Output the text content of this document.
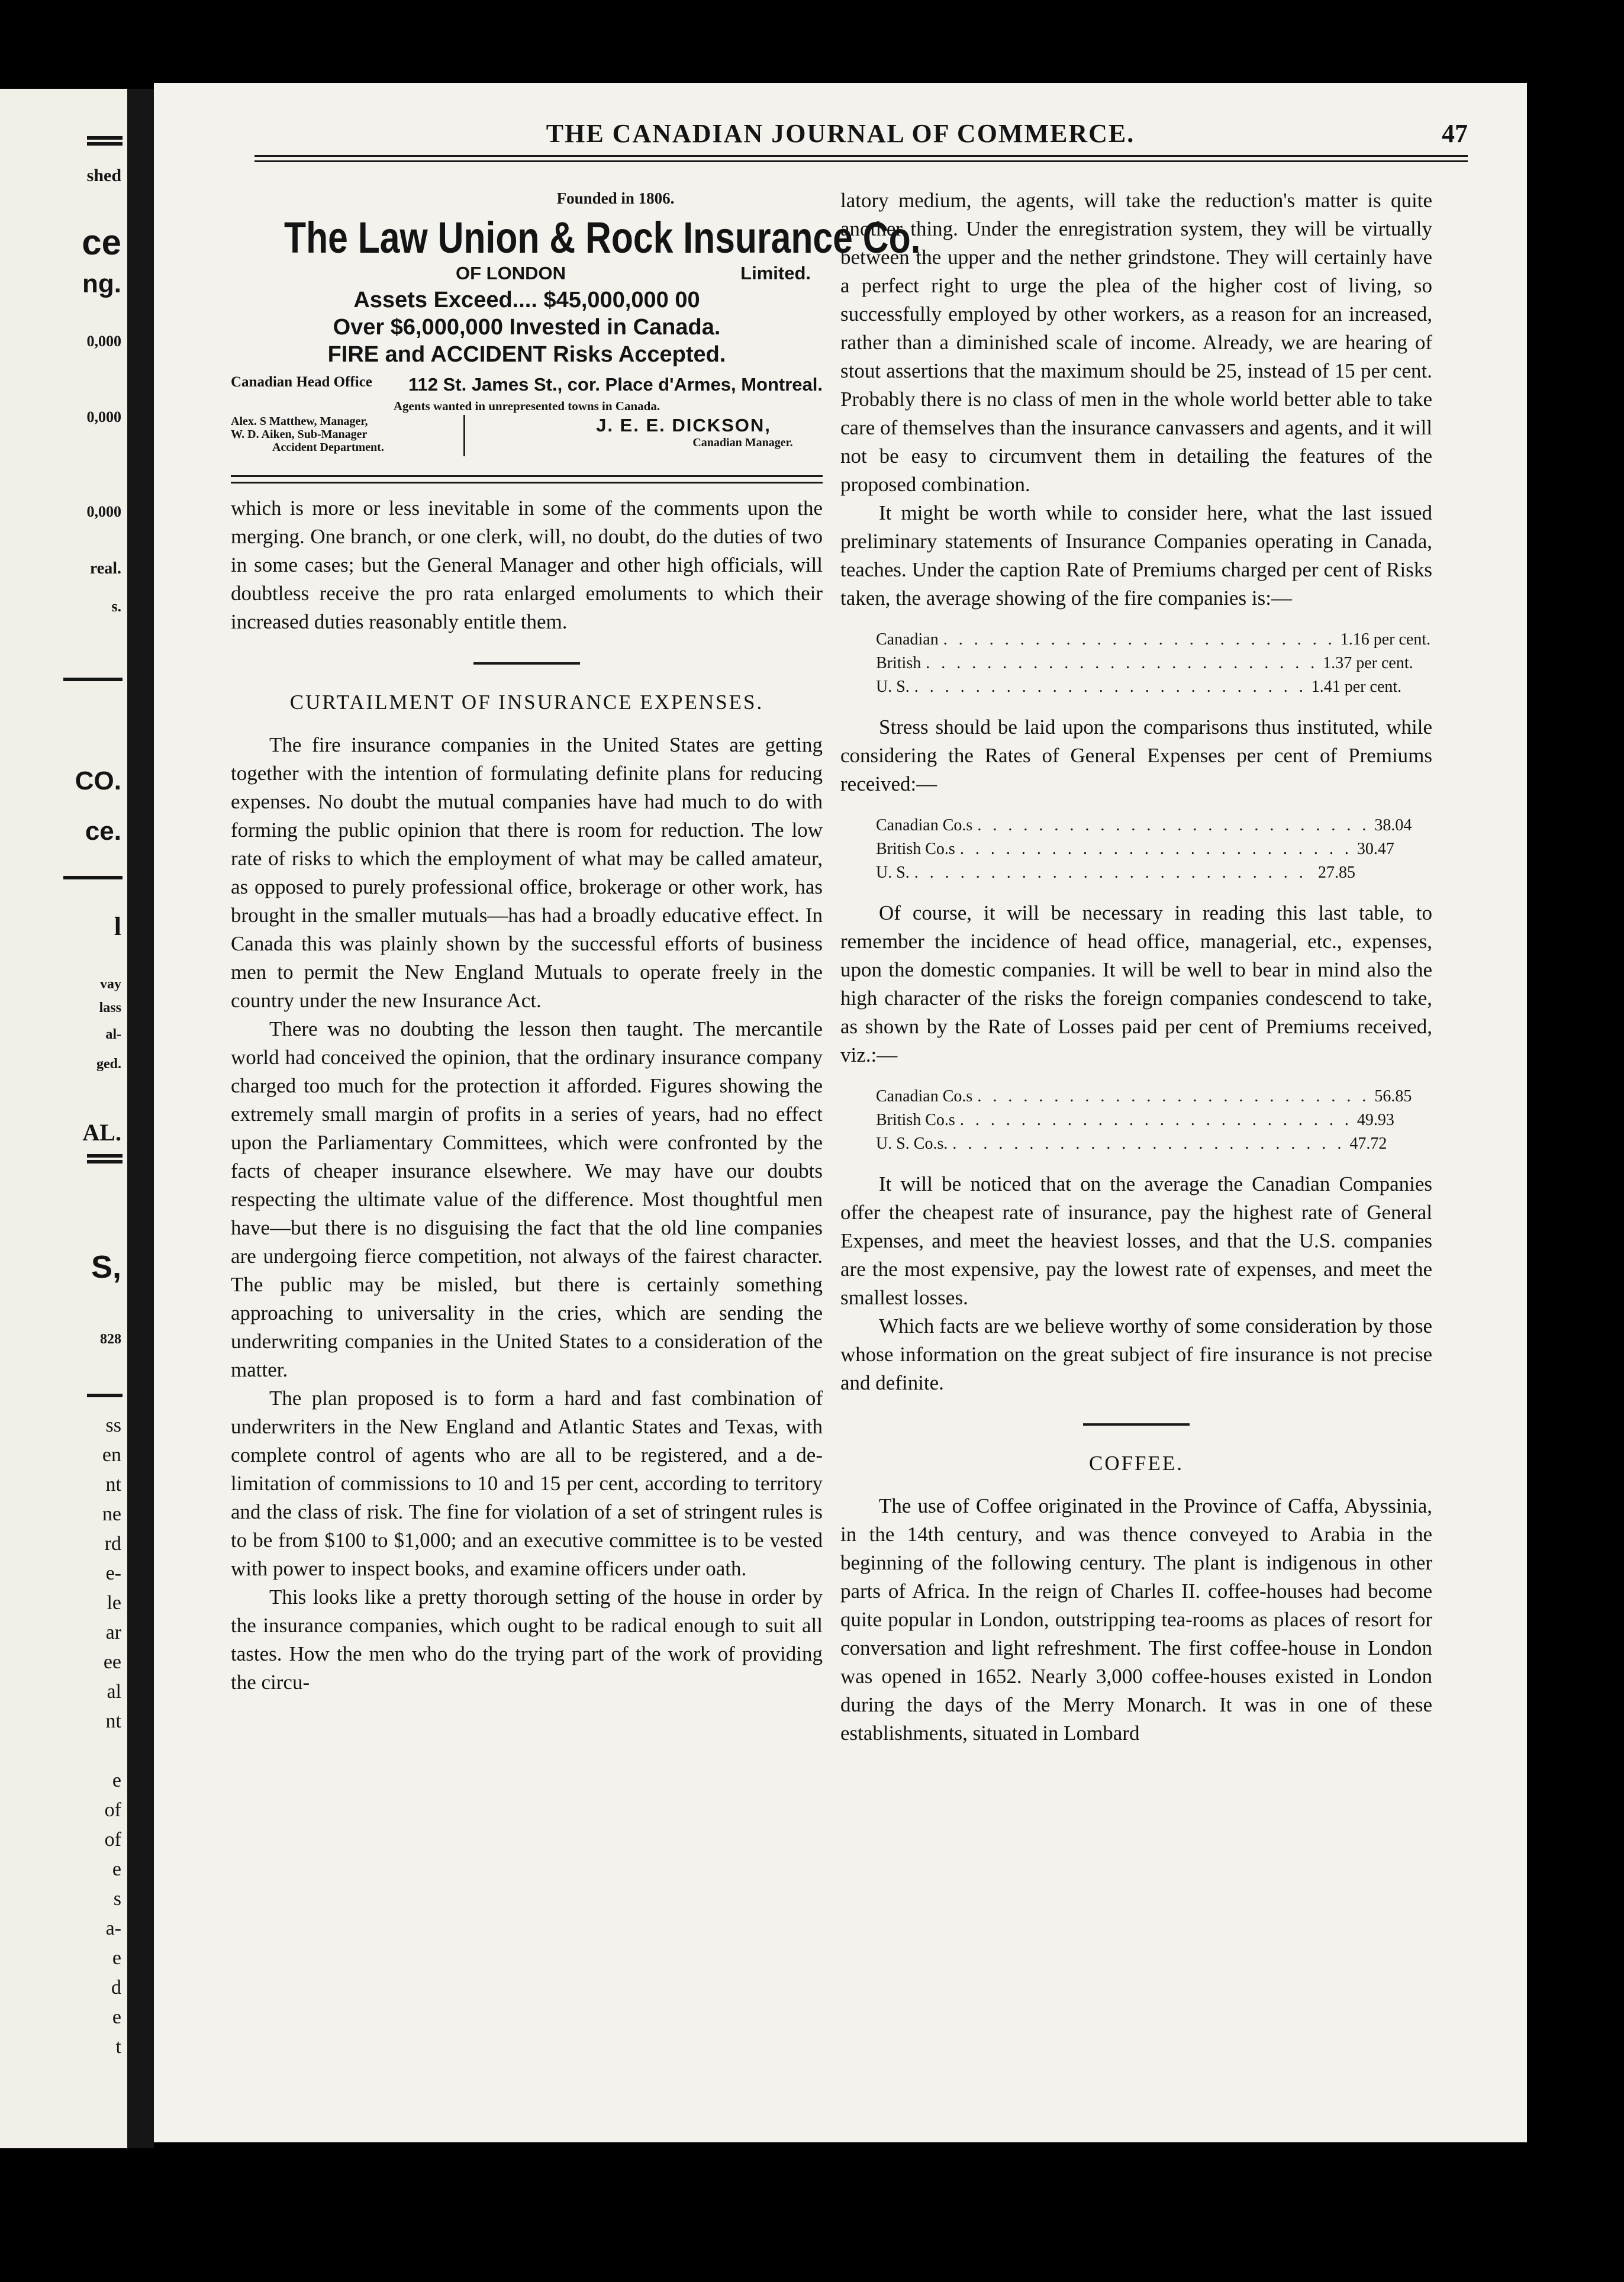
shed
ce
ng.
0,000
0,000
0,000
real.
s.
CO.
ce.
l
vay
lass
al-
ged.
AL.
S,
828
ss
en
nt
ne
rd
e-
le
ar
ee
al
nt
e
of
of
e
s
a-
e
d
e
t
THE CANADIAN JOURNAL OF COMMERCE.	47
Founded in 1806.
The Law Union & Rock Insurance Co.
OF LONDON	Limited.
Assets Exceed.... $45,000,000 00
Over $6,000,000 Invested in Canada.
FIRE and ACCIDENT Risks Accepted.
Canadian Head Office 112 St. James St., cor. Place d'Armes, Montreal.
Agents wanted in unrepresented towns in Canada.
Alex. S Matthew, Manager,
W. D. Aiken, Sub-Manager
Accident Department.
J. E. E. DICKSON,
Canadian Manager.

which is more or less inevitable in some of the comments upon the merging. One branch, or one clerk, will, no doubt, do the duties of two in some cases; but the General Manager and other high officials, will doubtless receive the pro rata enlarged emoluments to which their increased duties reasonably entitle them.

CURTAILMENT OF INSURANCE EXPENSES.

The fire insurance companies in the United States are getting together with the intention of formulating definite plans for reducing expenses. No doubt the mutual companies have had much to do with forming the public opinion that there is room for reduction. The low rate of risks to which the employment of what may be called amateur, as opposed to purely professional office, brokerage or other work, has brought in the smaller mutuals—has had a broadly educative effect. In Canada this was plainly shown by the successful efforts of business men to permit the New England Mutuals to operate freely in the country under the new Insurance Act.

There was no doubting the lesson then taught. The mercantile world had conceived the opinion, that the ordinary insurance company charged too much for the protection it afforded. Figures showing the extremely small margin of profits in a series of years, had no effect upon the Parliamentary Committees, which were confronted by the facts of cheaper insurance elsewhere. We may have our doubts respecting the ultimate value of the difference. Most thoughtful men have—but there is no disguising the fact that the old line companies are undergoing fierce competition, not always of the fairest character. The public may be misled, but there is certainly something approaching to universality in the cries, which are sending the underwriting companies in the United States to a consideration of the matter.

The plan proposed is to form a hard and fast combination of underwriters in the New England and Atlantic States and Texas, with complete control of agents who are all to be registered, and a de-limitation of commissions to 10 and 15 per cent, according to territory and the class of risk. The fine for violation of a set of stringent rules is to be from $100 to $1,000; and an executive committee is to be vested with power to inspect books, and examine officers under oath.

This looks like a pretty thorough setting of the house in order by the insurance companies, which ought to be radical enough to suit all tastes. How the men who do the trying part of the work of providing the circu-

latory medium, the agents, will take the reduction's matter is quite another thing. Under the enregistration system, they will be virtually between the upper and the nether grindstone. They will certainly have a perfect right to urge the plea of the higher cost of living, so successfully employed by other workers, as a reason for an increased, rather than a diminished scale of income. Already, we are hearing of stout assertions that the maximum should be 25, instead of 15 per cent. Probably there is no class of men in the whole world better able to take care of themselves than the insurance canvassers and agents, and it will not be easy to circumvent them in detailing the features of the proposed combination.

It might be worth while to consider here, what the last issued preliminary statements of Insurance Companies operating in Canada, teaches. Under the caption Rate of Premiums charged per cent of Risks taken, the average showing of the fire companies is:—

Canadian . . . . . . . . . . . . . . . . . . . . . . . . . . 1.16 per cent.
British . . . . . . . . . . . . . . . . . . . . . . . . . . 1.37 per cent.
U. S. . . . . . . . . . . . . . . . . . . . . . . . . . . 1.41 per cent.

Stress should be laid upon the comparisons thus instituted, while considering the Rates of General Expenses per cent of Premiums received:—

Canadian Co.s . . . . . . . . . . . . . . . . . . . . . . . . . . 38.04
British Co.s . . . . . . . . . . . . . . . . . . . . . . . . . . 30.47
U. S. . . . . . . . . . . . . . . . . . . . . . . . . . . 27.85

Of course, it will be necessary in reading this last table, to remember the incidence of head office, managerial, etc., expenses, upon the domestic companies. It will be well to bear in mind also the high character of the risks the foreign companies condescend to take, as shown by the Rate of Losses paid per cent of Premiums received, viz.:—

Canadian Co.s . . . . . . . . . . . . . . . . . . . . . . . . . . 56.85
British Co.s . . . . . . . . . . . . . . . . . . . . . . . . . . 49.93
U. S. Co.s. . . . . . . . . . . . . . . . . . . . . . . . . . . 47.72

It will be noticed that on the average the Canadian Companies offer the cheapest rate of insurance, pay the highest rate of General Expenses, and meet the heaviest losses, and that the U.S. companies are the most expensive, pay the lowest rate of expenses, and meet the smallest losses.

Which facts are we believe worthy of some consideration by those whose information on the great subject of fire insurance is not precise and definite.

COFFEE.

The use of Coffee originated in the Province of Caffa, Abyssinia, in the 14th century, and was thence conveyed to Arabia in the beginning of the following century. The plant is indigenous in other parts of Africa. In the reign of Charles II. coffee-houses had become quite popular in London, outstripping tea-rooms as places of resort for conversation and light refreshment. The first coffee-house in London was opened in 1652. Nearly 3,000 coffee-houses existed in London during the days of the Merry Monarch. It was in one of these establishments, situated in Lombard
